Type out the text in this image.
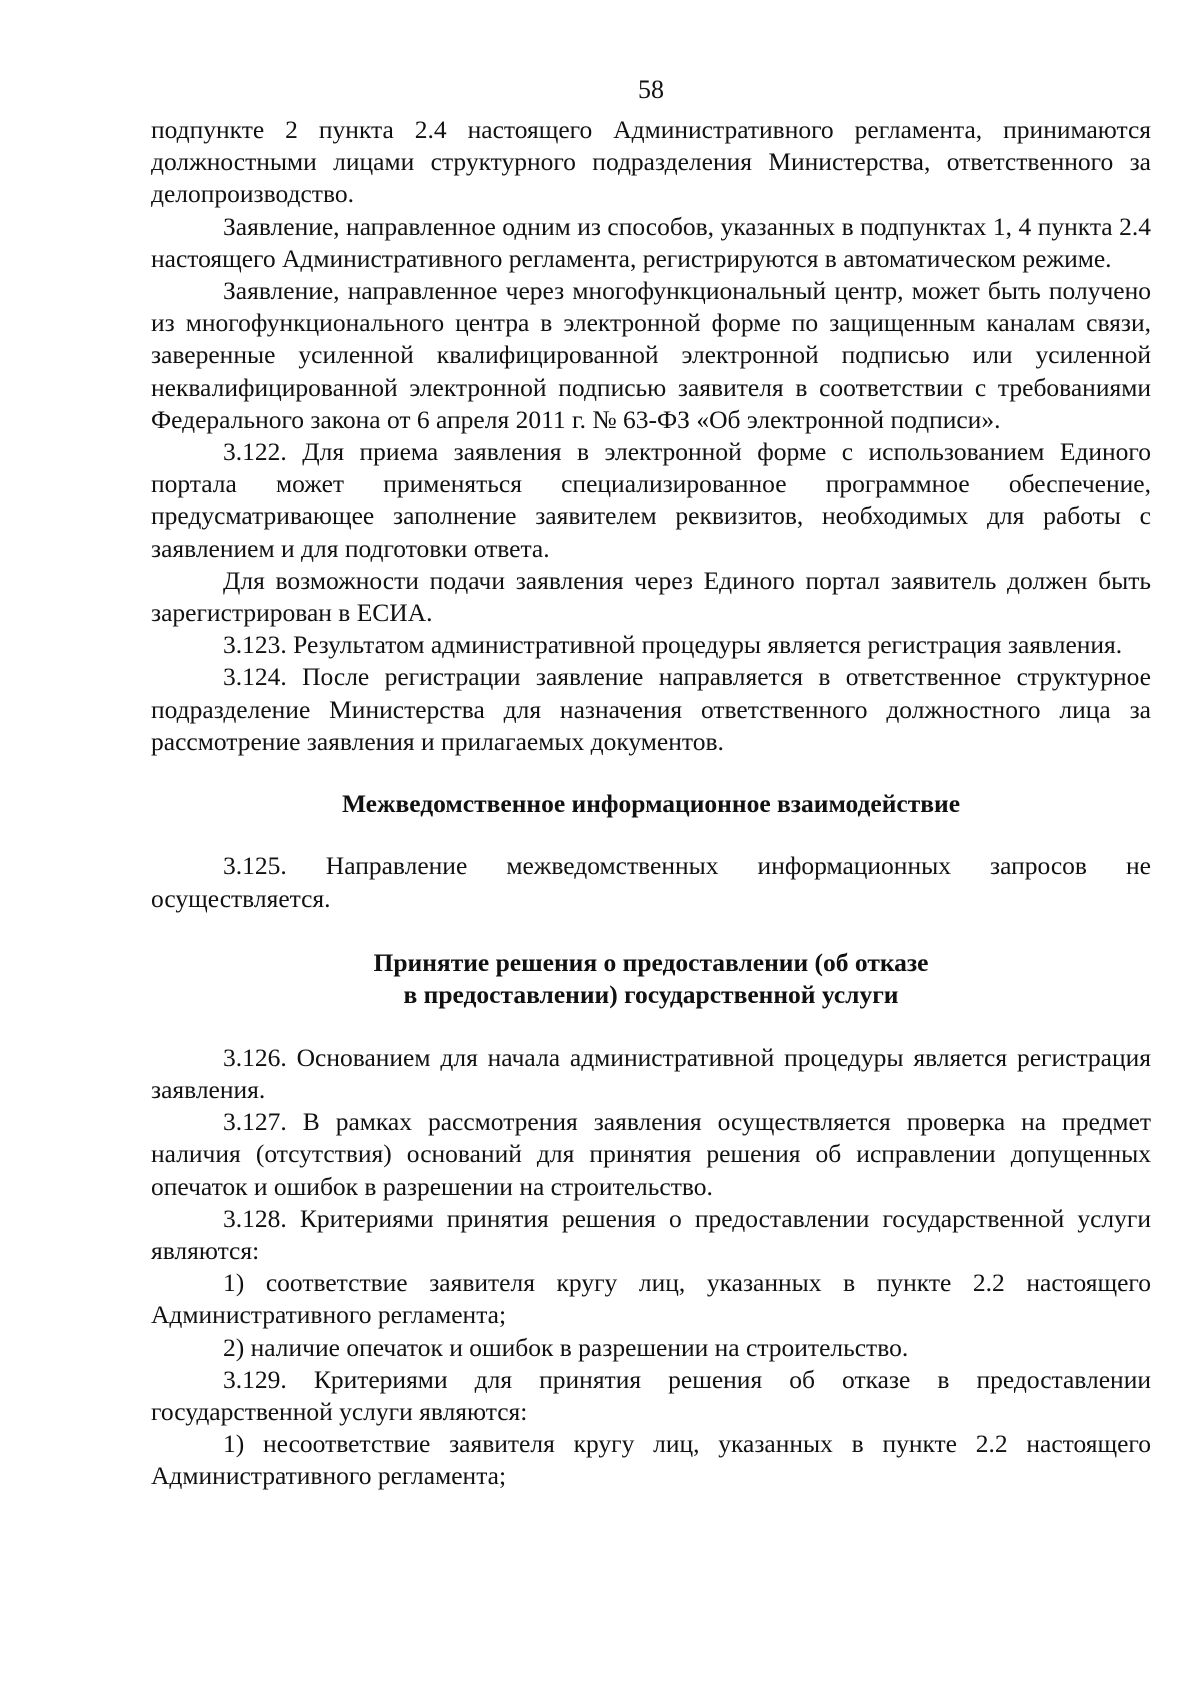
58

подпункте 2 пункта 2.4 настоящего Административного регламента, принимаются должностными лицами структурного подразделения Министерства, ответственного за делопроизводство.

Заявление, направленное одним из способов, указанных в подпунктах 1, 4 пункта 2.4 настоящего Административного регламента, регистрируются в автоматическом режиме.

Заявление, направленное через многофункциональный центр, может быть получено из многофункционального центра в электронной форме по защищенным каналам связи, заверенные усиленной квалифицированной электронной подписью или усиленной неквалифицированной электронной подписью заявителя в соответствии с требованиями Федерального закона от 6 апреля 2011 г. № 63-ФЗ «Об электронной подписи».

3.122. Для приема заявления в электронной форме с использованием Единого портала может применяться специализированное программное обеспечение, предусматривающее заполнение заявителем реквизитов, необходимых для работы с заявлением и для подготовки ответа.

Для возможности подачи заявления через Единого портал заявитель должен быть зарегистрирован в ЕСИА.

3.123. Результатом административной процедуры является регистрация заявления.

3.124. После регистрации заявление направляется в ответственное структурное подразделение Министерства для назначения ответственного должностного лица за рассмотрение заявления и прилагаемых документов.

Межведомственное информационное взаимодействие

3.125. Направление межведомственных информационных запросов не осуществляется.

Принятие решения о предоставлении (об отказе
в предоставлении) государственной услуги

3.126. Основанием для начала административной процедуры является регистрация заявления.

3.127. В рамках рассмотрения заявления осуществляется проверка на предмет наличия (отсутствия) оснований для принятия решения об исправлении допущенных опечаток и ошибок в разрешении на строительство.

3.128. Критериями принятия решения о предоставлении государственной услуги являются:

1) соответствие заявителя кругу лиц, указанных в пункте 2.2 настоящего Административного регламента;

2) наличие опечаток и ошибок в разрешении на строительство.

3.129. Критериями для принятия решения об отказе в предоставлении государственной услуги являются:

1) несоответствие заявителя кругу лиц, указанных в пункте 2.2 настоящего Административного регламента;
